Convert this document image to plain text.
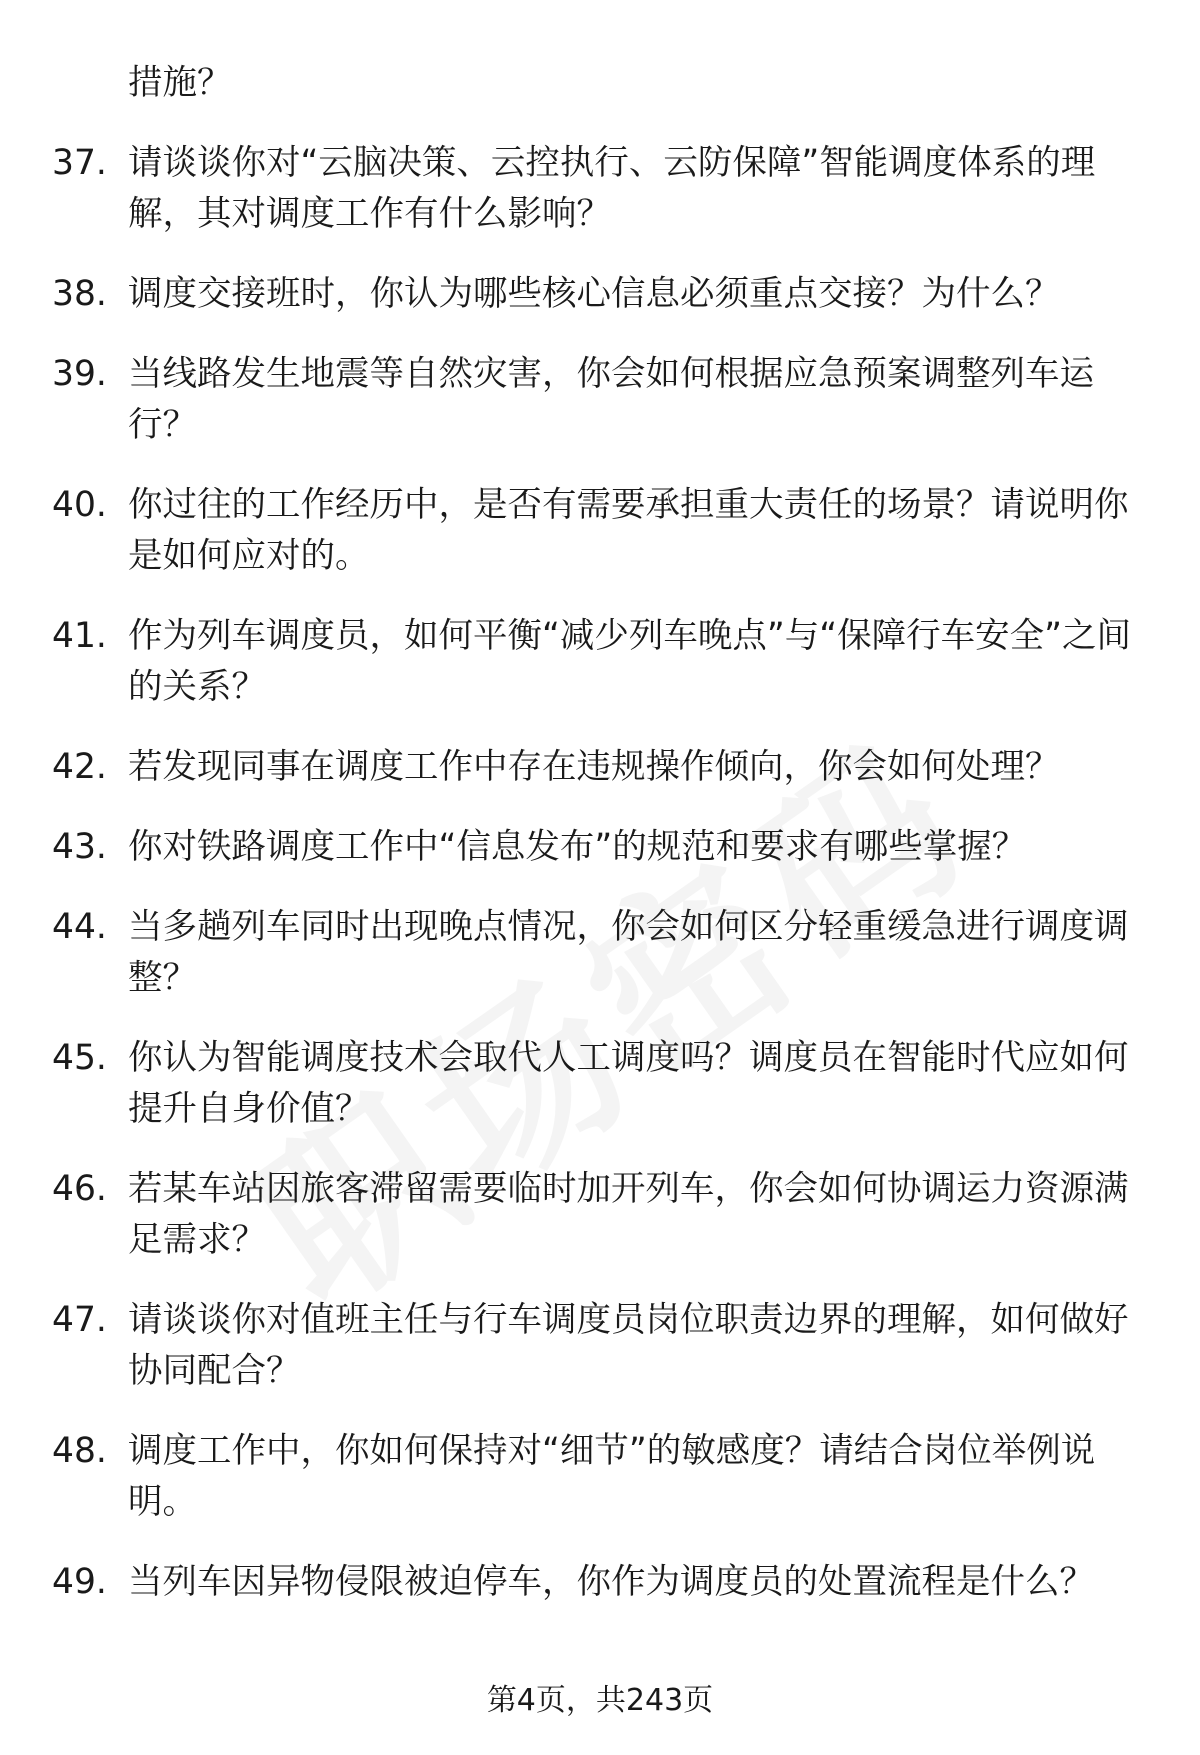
措施？
37. 请谈谈你对“云脑决策、云控执行、云防保障”智能调度体系的理解，其对调度工作有什么影响？
38. 调度交接班时，你认为哪些核心信息必须重点交接？为什么？
39. 当线路发生地震等自然灾害，你会如何根据应急预案调整列车运行？
40. 你过往的工作经历中，是否有需要承担重大责任的场景？请说明你是如何应对的。
41. 作为列车调度员，如何平衡“减少列车晚点”与“保障行车安全”之间的关系？
42. 若发现同事在调度工作中存在违规操作倾向，你会如何处理？
43. 你对铁路调度工作中“信息发布”的规范和要求有哪些掌握？
44. 当多趟列车同时出现晚点情况，你会如何区分轻重缓急进行调度调整？
45. 你认为智能调度技术会取代人工调度吗？调度员在智能时代应如何提升自身价值？
46. 若某车站因旅客滞留需要临时加开列车，你会如何协调运力资源满足需求？
47. 请谈谈你对值班主任与行车调度员岗位职责边界的理解，如何做好协同配合？
48. 调度工作中，你如何保持对“细节”的敏感度？请结合岗位举例说明。
49. 当列车因异物侵限被迫停车，你作为调度员的处置流程是什么？
第4页，共243页
